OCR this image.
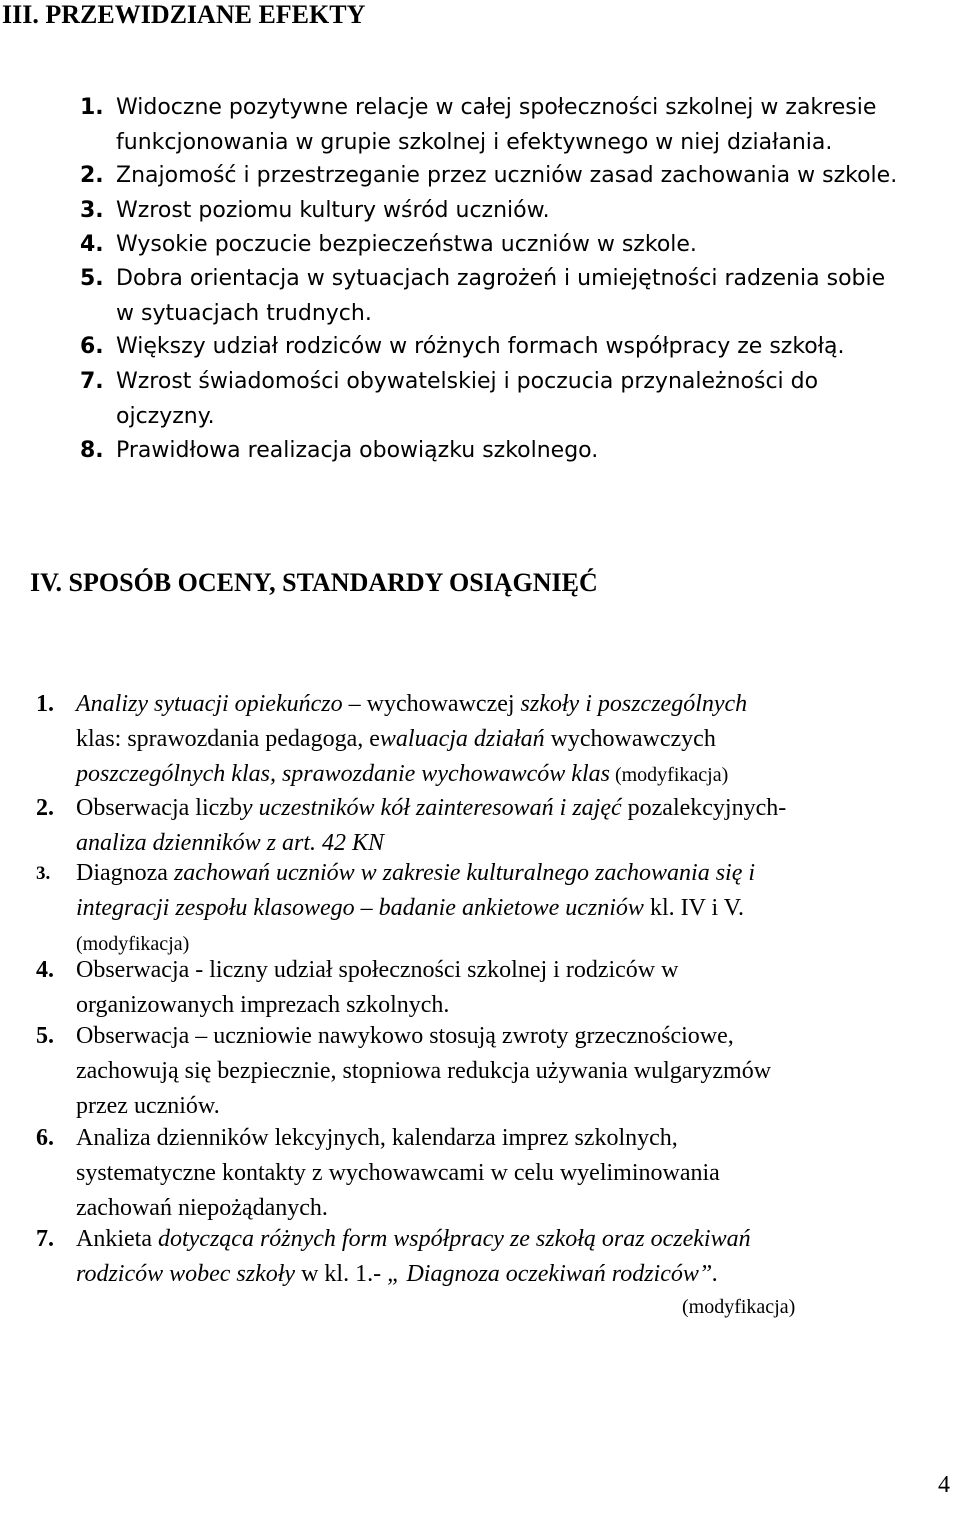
III. PRZEWIDZIANE EFEKTY
1. Widoczne pozytywne relacje w całej społeczności szkolnej w zakresie
funkcjonowania w grupie szkolnej i efektywnego w niej działania.
2. Znajomość i przestrzeganie przez uczniów zasad zachowania w szkole.
3. Wzrost poziomu kultury wśród uczniów.
4. Wysokie poczucie bezpieczeństwa uczniów w szkole.
5. Dobra orientacja w sytuacjach zagrożeń i umiejętności radzenia sobie
w sytuacjach trudnych.
6. Większy udział rodziców w różnych formach współpracy ze szkołą.
7. Wzrost świadomości obywatelskiej i poczucia przynależności do
ojczyzny.
8. Prawidłowa realizacja obowiązku szkolnego.
IV. SPOSÓB OCENY, STANDARDY OSIĄGNIĘĆ
1. Analizy sytuacji opiekuńczo – wychowawczej szkoły i poszczególnych
klas: sprawozdania pedagoga, ewaluacja działań wychowawczych
poszczególnych klas, sprawozdanie wychowawców klas (modyfikacja)
2. Obserwacja liczby uczestników kół zainteresowań i zajęć pozalekcyjnych-
analiza dzienników z art. 42 KN
3. Diagnoza zachowań uczniów w zakresie kulturalnego zachowania się i
integracji zespołu klasowego – badanie ankietowe uczniów kl. IV i V.
(modyfikacja)
4. Obserwacja - liczny udział społeczności szkolnej i rodziców w
organizowanych imprezach szkolnych.
5. Obserwacja – uczniowie nawykowo stosują zwroty grzecznościowe,
zachowują się bezpiecznie, stopniowa redukcja używania wulgaryzmów
przez uczniów.
6. Analiza dzienników lekcyjnych, kalendarza imprez szkolnych,
systematyczne kontakty z wychowawcami w celu wyeliminowania
zachowań niepożądanych.
7. Ankieta dotycząca różnych form współpracy ze szkołą oraz oczekiwań
rodziców wobec szkoły w kl. 1.- „ Diagnoza oczekiwań rodziców”.
(modyfikacja)
4
